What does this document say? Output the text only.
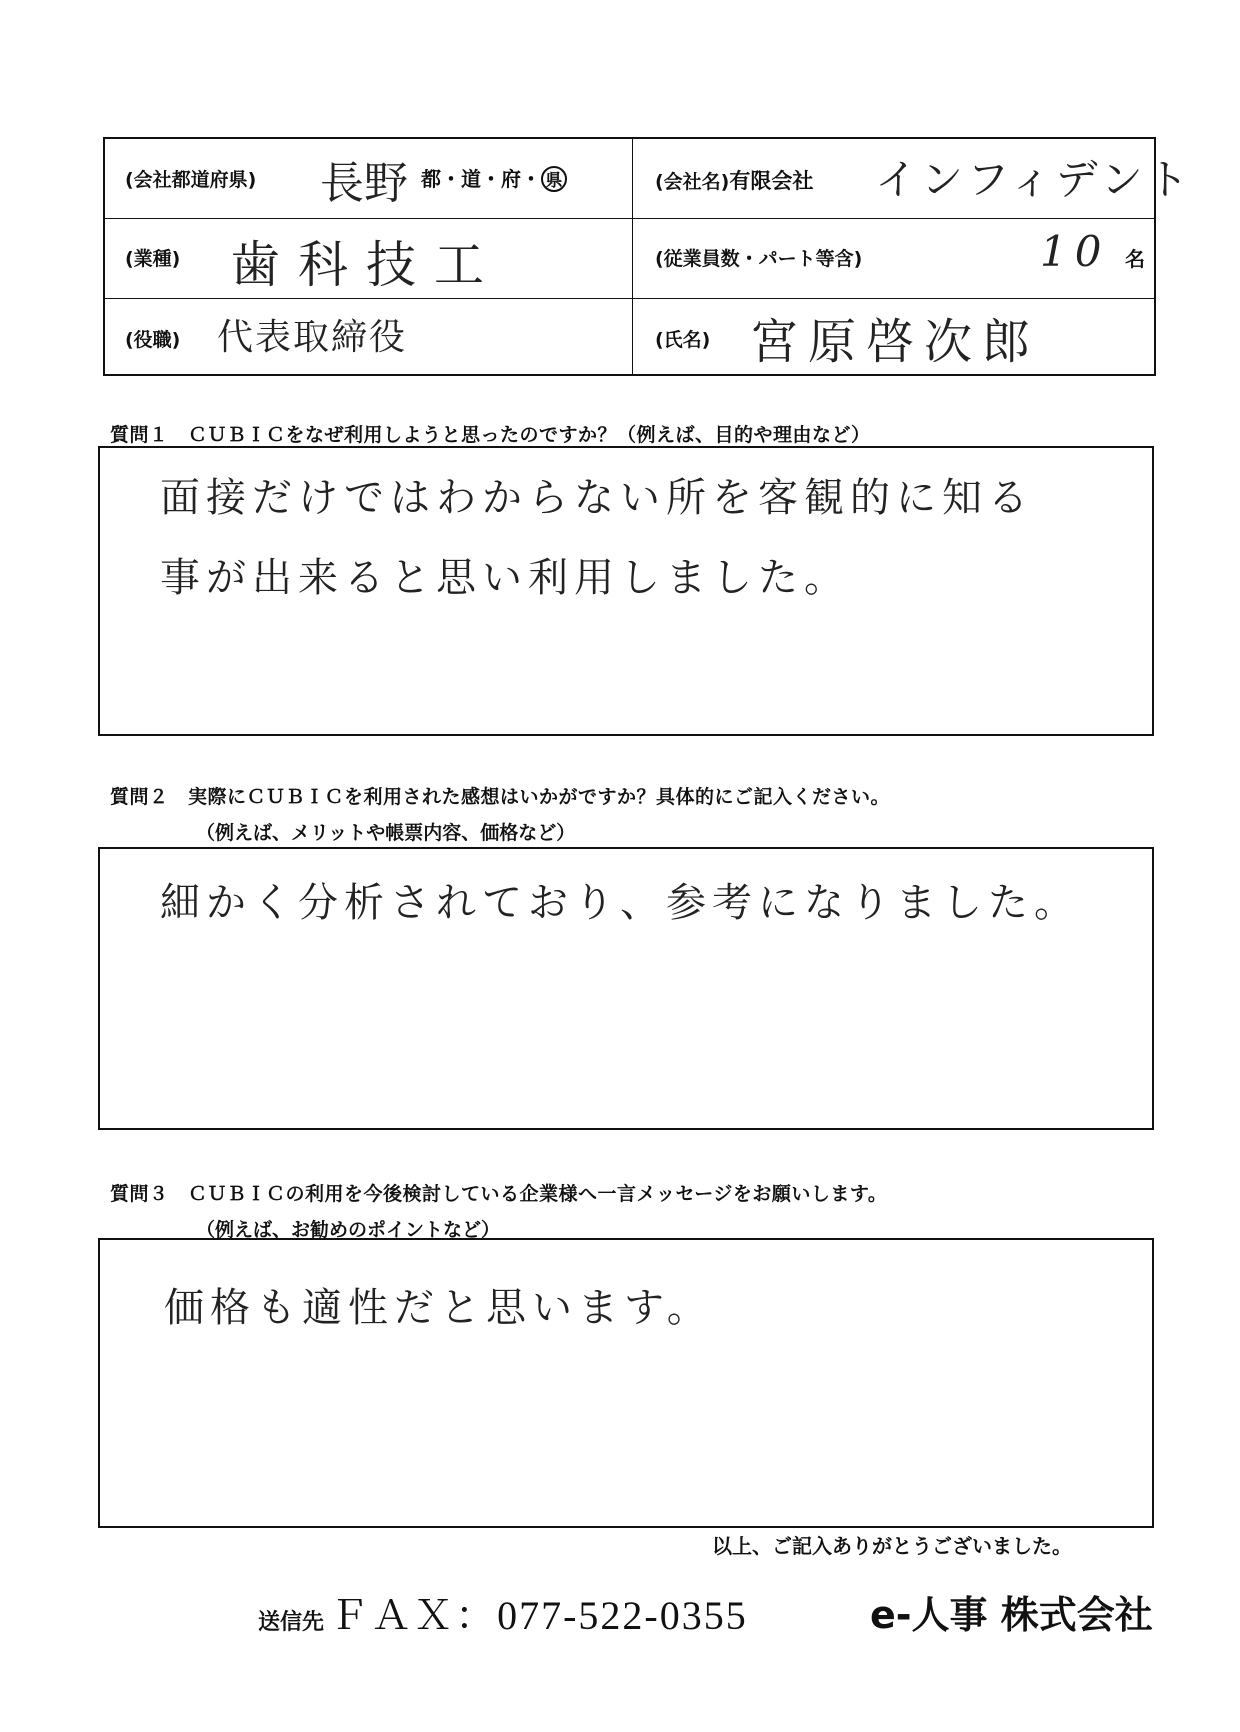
(会社都道府県) 長野 都・道・府・ 県	(会社名)有限会社 インフィデント
(業種) 歯科技工	(従業員数・パート等含)	10 名
(役職) 代表取締役	(氏名) 宮原啓次郎
質問１　ＣＵＢＩＣをなぜ利用しようと思ったのですか？（例えば、目的や理由など）
面接だけではわからない所を客観的に知る
事が出来ると思い利用しました。
質問２　実際にＣＵＢＩＣを利用された感想はいかがですか？具体的にご記入ください。
（例えば、メリットや帳票内容、価格など）
細かく分析されており、参考になりました。
質問３　ＣＵＢＩＣの利用を今後検討している企業様へ一言メッセージをお願いします。
（例えば、お勧めのポイントなど）
価格も適性だと思います。
以上、ご記入ありがとうございました。
送信先 ＦＡＸ：077-522-0355	e-人事 株式会社
